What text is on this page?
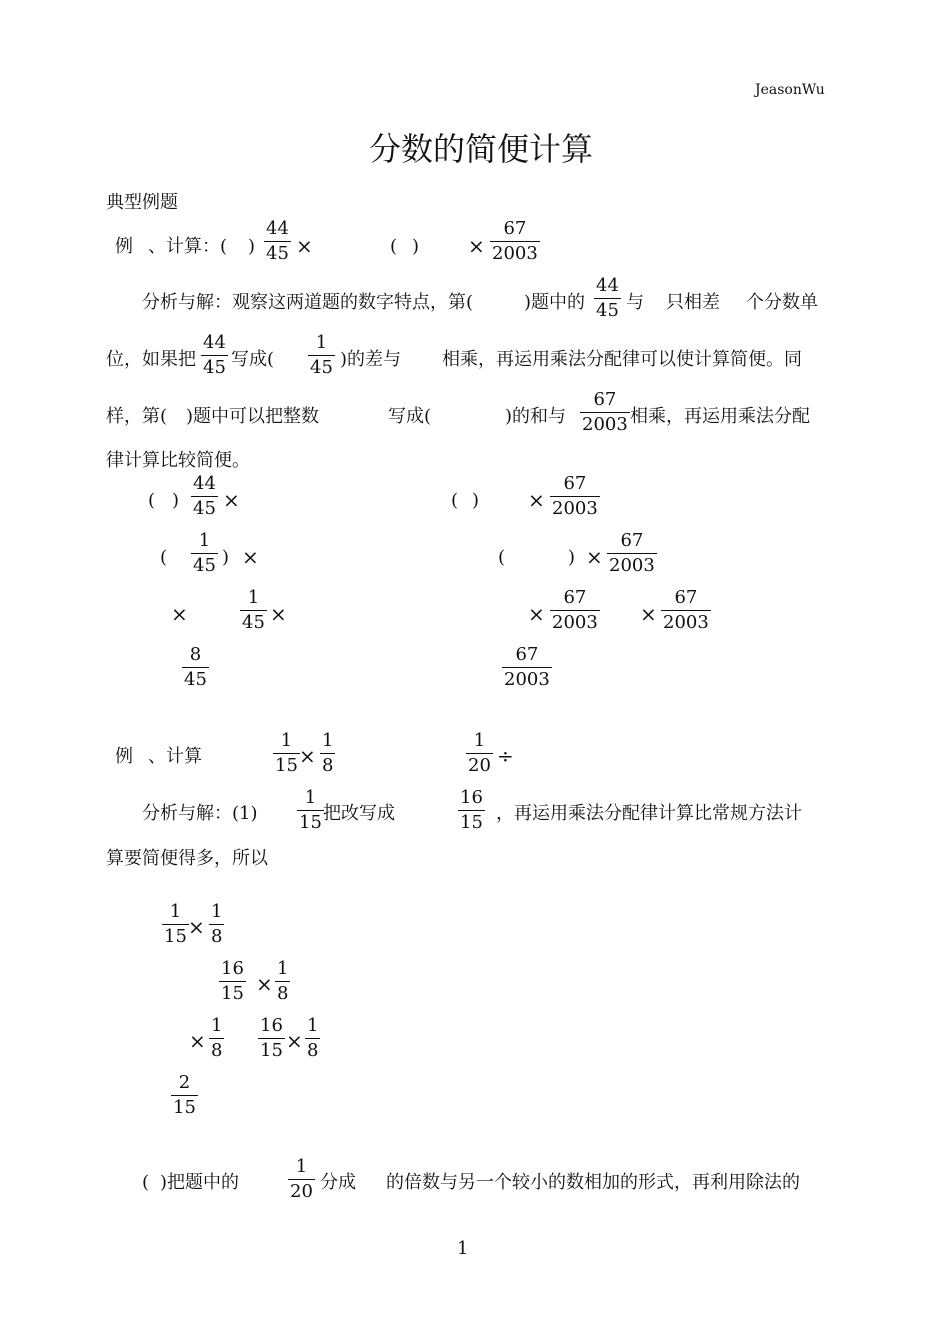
JeasonWu
分数的简便计算
典型例题
例 、计算：( )
44
45 ×	( ) ×
67
2003
分析与解：观察这两道题的数字特点，第(	)题中的
44
45 与 只相差 个分数单
位，如果把
44
45 写成(
1
45 )的差与 相乘，再运用乘法分配律可以使计算简便。同
样，第( )题中可以把整数	写成(	)的和与
67
2003 相乘，再运用乘法分配
律计算比较简便。
( )
44
45 ×
(
1
45 ) ×
×
1
45 ×
8
45
( ) ×
67
2003
(	) ×
67
2003
×
67
2003 ×
67
2003
67
2003
例 、计算
1
15 ×
1
8
1
20 ÷
分析与解：(1)
1
15 把改写成
16
15 ，再运用乘法分配律计算比常规方法计
算要简便得多，所以
1
15 ×
1
8
16
15 ×
1
8
×
1
8
16
15 ×
1
8
2
15
( )把题中的
1
20 分成 的倍数与另一个较小的数相加的形式，再利用除法的
1
